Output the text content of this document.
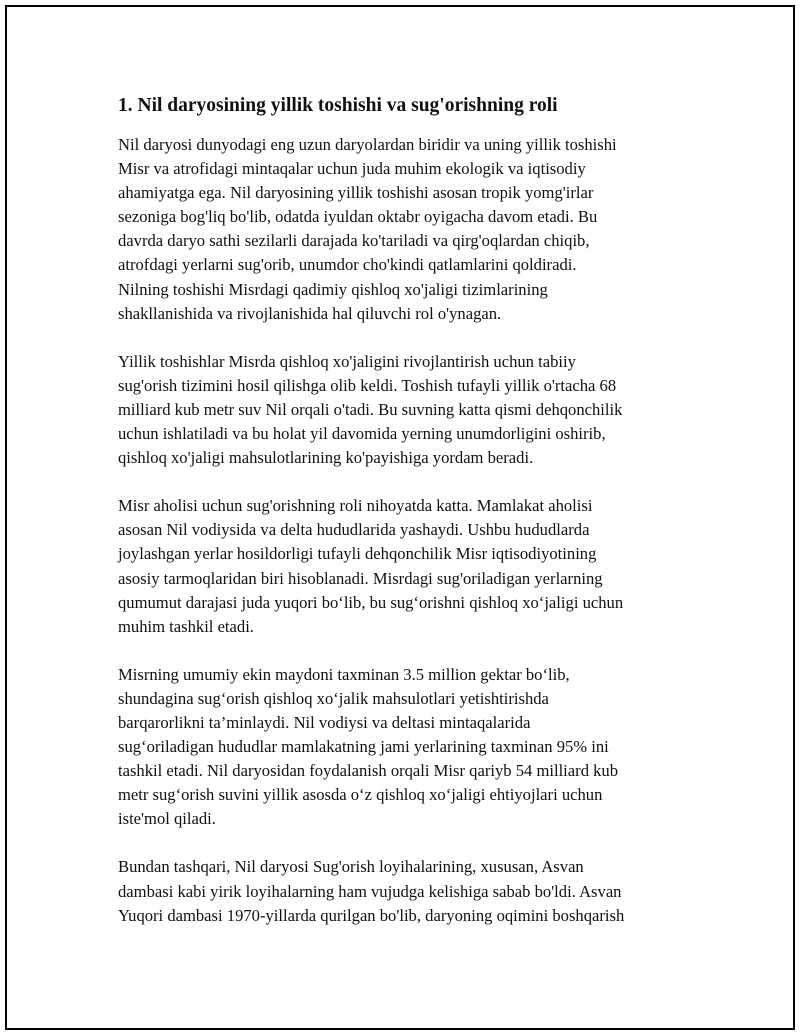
1. Nil daryosining yillik toshishi va sug'orishning roli

Nil daryosi dunyodagi eng uzun daryolardan biridir va uning yillik toshishi
Misr va atrofidagi mintaqalar uchun juda muhim ekologik va iqtisodiy
ahamiyatga ega. Nil daryosining yillik toshishi asosan tropik yomg'irlar
sezoniga bog'liq bo'lib, odatda iyuldan oktabr oyigacha davom etadi. Bu
davrda daryo sathi sezilarli darajada ko'tariladi va qirg'oqlardan chiqib,
atrofdagi yerlarni sug'orib, unumdor cho'kindi qatlamlarini qoldiradi.
Nilning toshishi Misrdagi qadimiy qishloq xo'jaligi tizimlarining
shakllanishida va rivojlanishida hal qiluvchi rol o'ynagan.

Yillik toshishlar Misrda qishloq xo'jaligini rivojlantirish uchun tabiiy
sug'orish tizimini hosil qilishga olib keldi. Toshish tufayli yillik o'rtacha 68
milliard kub metr suv Nil orqali o'tadi. Bu suvning katta qismi dehqonchilik
uchun ishlatiladi va bu holat yil davomida yerning unumdorligini oshirib,
qishloq xo'jaligi mahsulotlarining ko'payishiga yordam beradi.

Misr aholisi uchun sug'orishning roli nihoyatda katta. Mamlakat aholisi
asosan Nil vodiysida va delta hududlarida yashaydi. Ushbu hududlarda
joylashgan yerlar hosildorligi tufayli dehqonchilik Misr iqtisodiyotining
asosiy tarmoqlaridan biri hisoblanadi. Misrdagi sug'oriladigan yerlarning
qumumut darajasi juda yuqori bo‘lib, bu sug‘orishni qishloq xo‘jaligi uchun
muhim tashkil etadi.

Misrning umumiy ekin maydoni taxminan 3.5 million gektar bo‘lib,
shundagina sug‘orish qishloq xo‘jalik mahsulotlari yetishtirishda
barqarorlikni ta’minlaydi. Nil vodiysi va deltasi mintaqalarida
sug‘oriladigan hududlar mamlakatning jami yerlarining taxminan 95% ini
tashkil etadi. Nil daryosidan foydalanish orqali Misr qariyb 54 milliard kub
metr sug‘orish suvini yillik asosda o‘z qishloq xo‘jaligi ehtiyojlari uchun
iste'mol qiladi.

Bundan tashqari, Nil daryosi Sug'orish loyihalarining, xususan, Asvan
dambasi kabi yirik loyihalarning ham vujudga kelishiga sabab bo'ldi. Asvan
Yuqori dambasi 1970-yillarda qurilgan bo'lib, daryoning oqimini boshqarish
